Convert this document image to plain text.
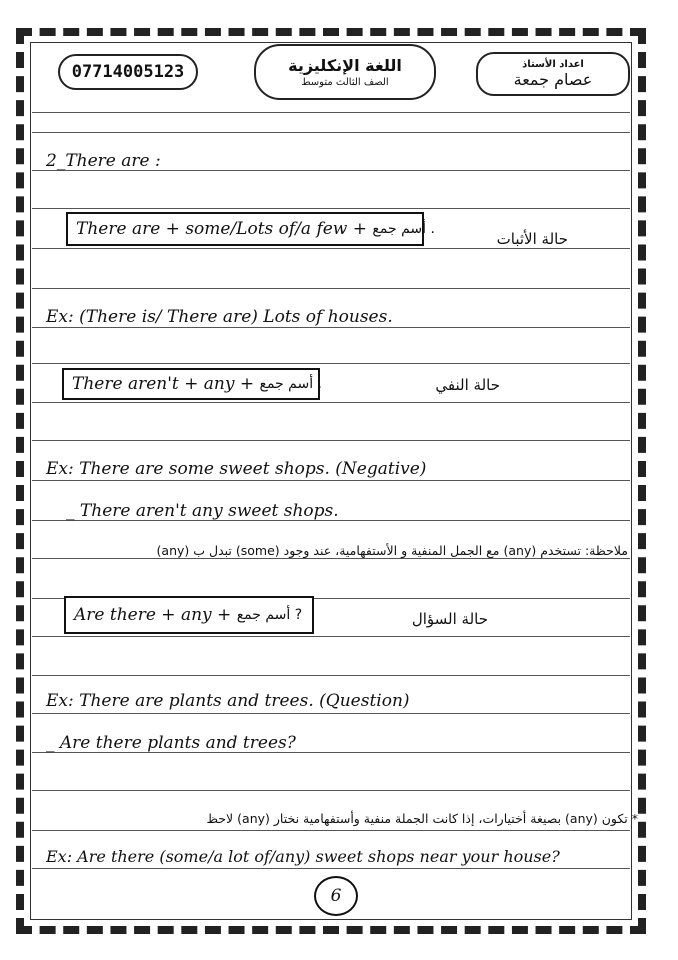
07714005123	اللغة الإنكليزية
الصف الثالث متوسط
اعداد الأستاذ
عصام جمعة
2_There are :
There are + some/Lots of/a few +
أسم جمع .
حالة الأثبات
Ex: (There is/ There are) Lots of houses.
There aren't + any +
أسم جمع .	حالة النفي
Ex: There are some sweet shops. (Negative)
_ There aren't any sweet shops.
ملاحظة: تستخدم (any) مع الجمل المنفية و الأستفهامية، عند وجود (some) تبدل ب (any)
Are there + any +
أسم جمع ?	حالة السؤال
Ex: There are plants and trees. (Question)
_ Are there plants and trees?
* تكون (any) بصيغة أختيارات، إذا كانت الجملة منفية وأستفهامية نختار (any) لاحظ
Ex: Are there (some/a lot of/any) sweet shops near your house?
6
